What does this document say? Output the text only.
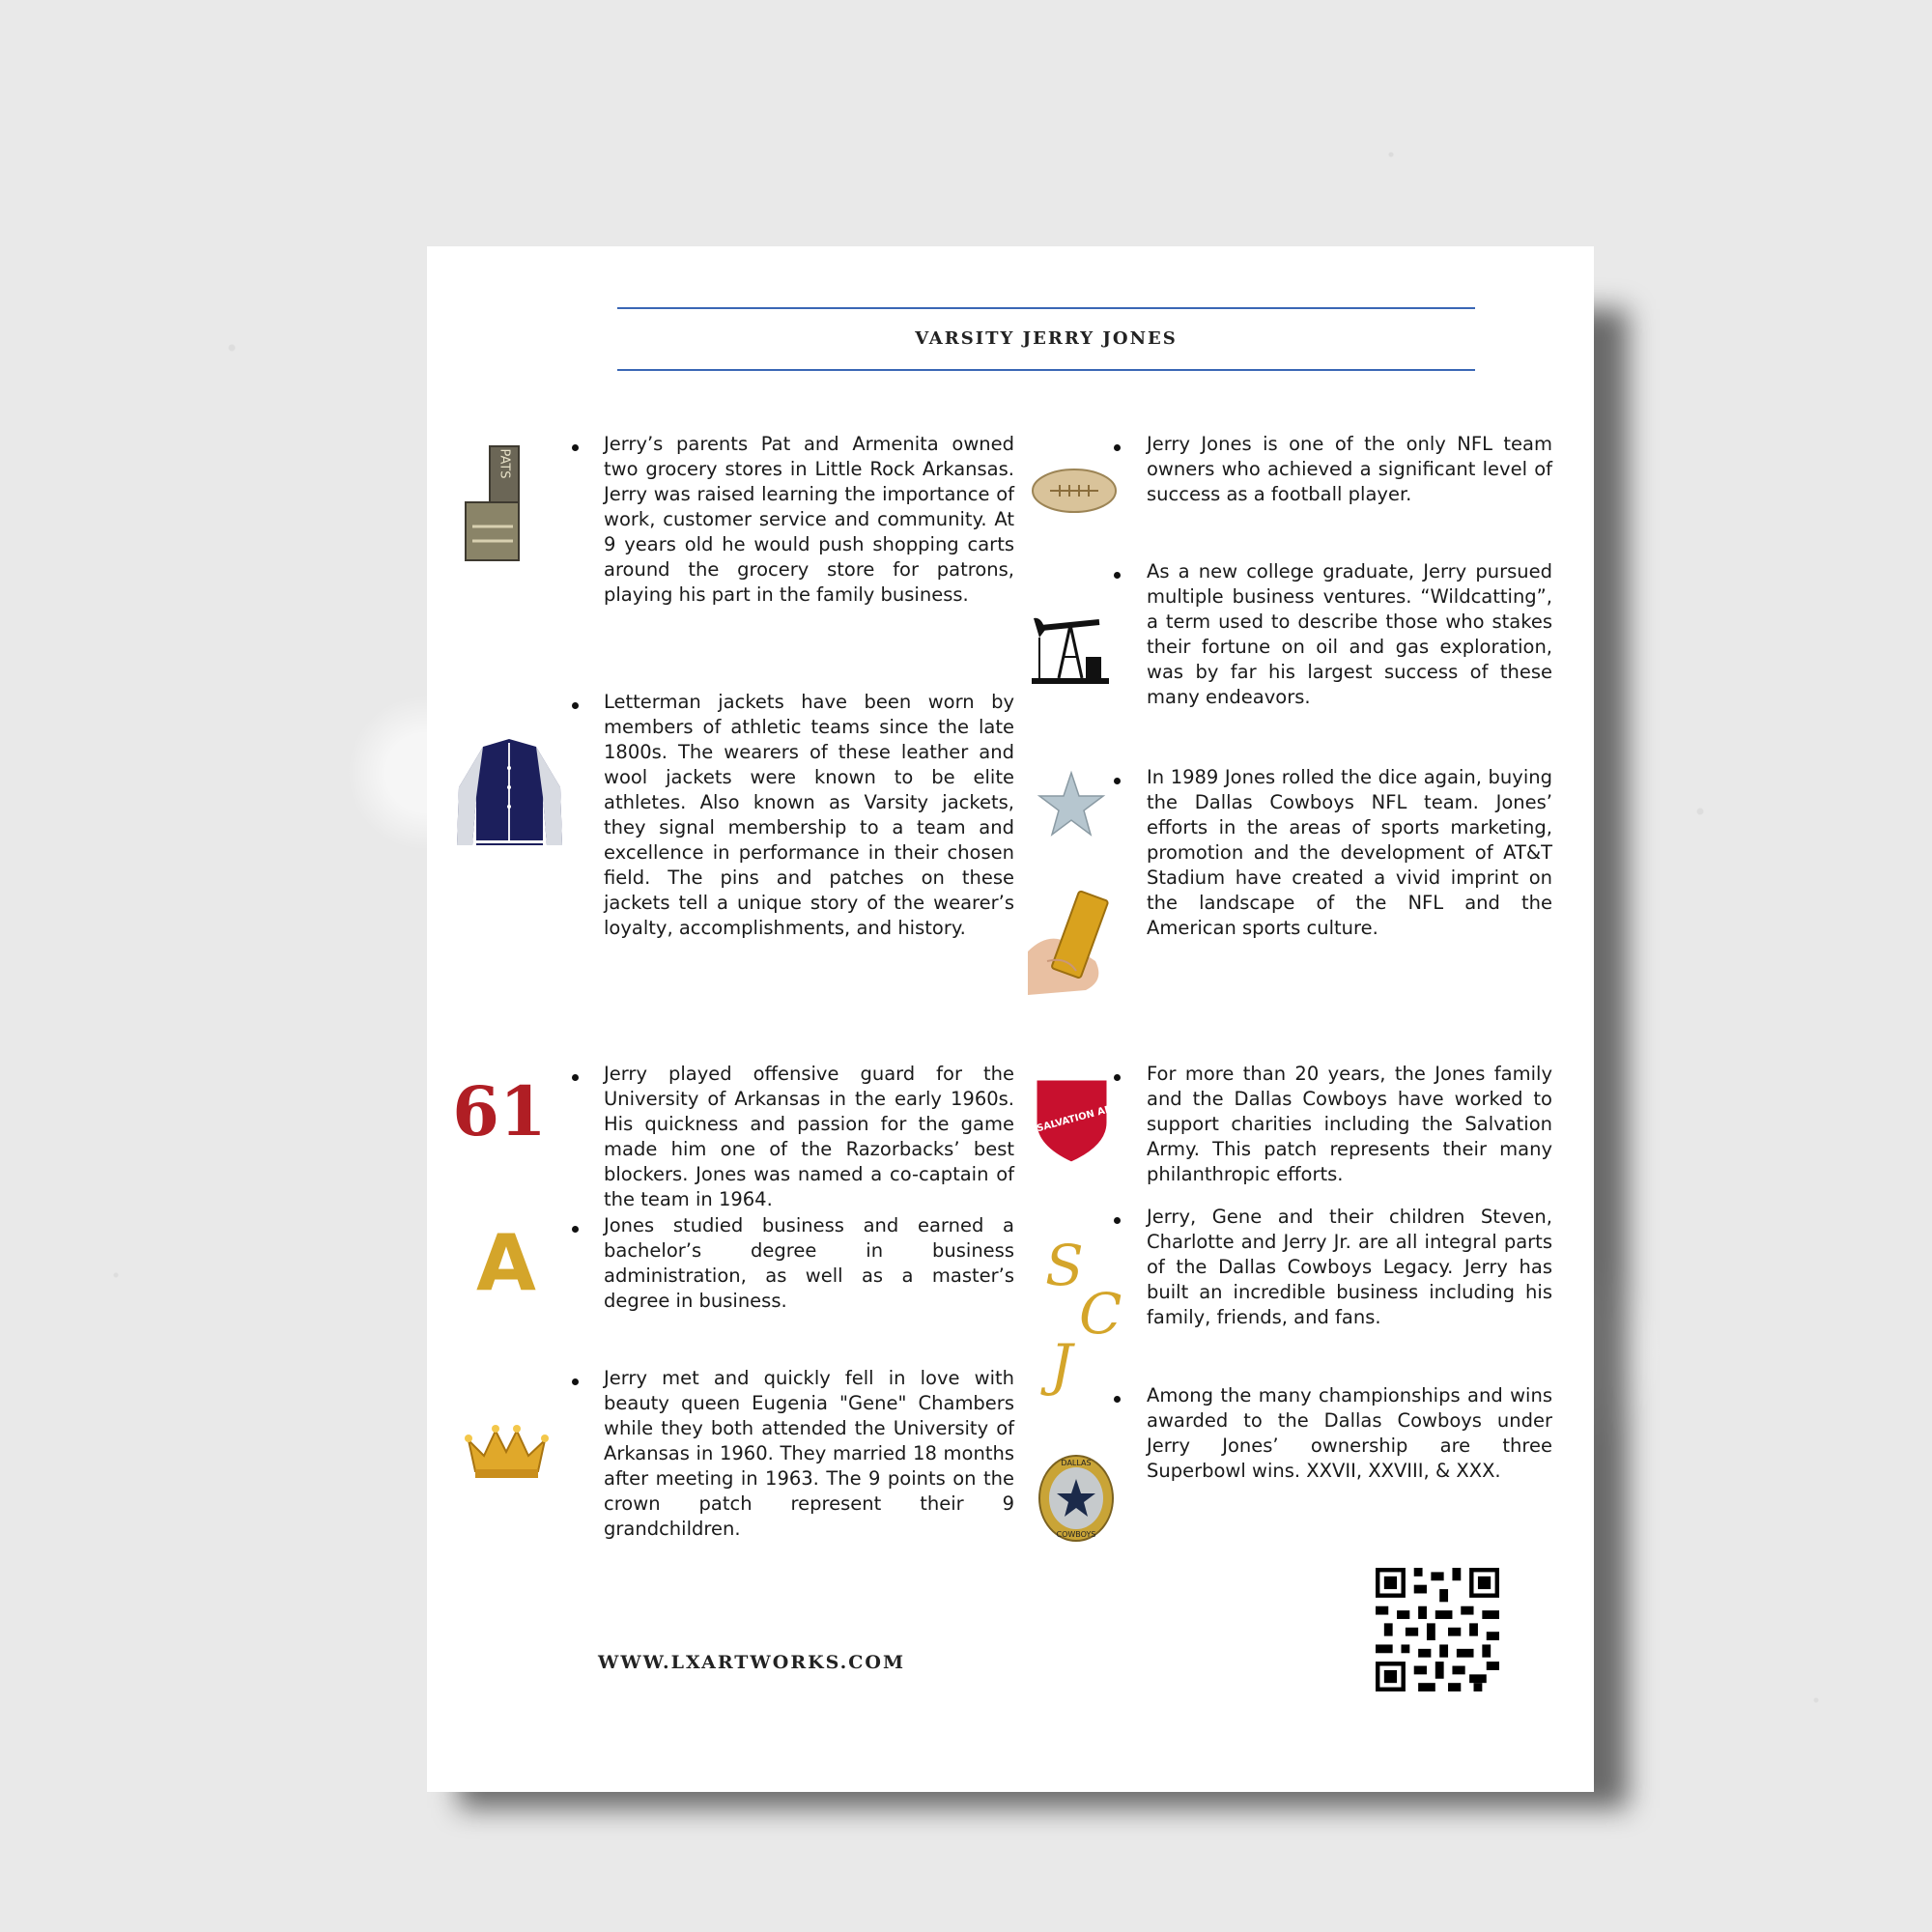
VARSITY JERRY JONES
PATS
Jerry’s parents Pat and Armenita owned two grocery stores in Little Rock Arkansas. Jerry was raised learning the importance of work, customer service and community. At 9 years old he would push shopping carts around the grocery store for patrons, playing his part in the family business.
Letterman jackets have been worn by members of athletic teams since the late 1800s. The wearers of these leather and wool jackets were known to be elite athletes. Also known as Varsity jackets, they signal membership to a team and excellence in performance in their chosen field. The pins and patches on these jackets tell a unique story of the wearer’s loyalty, accomplishments, and history.
61	Jerry played offensive guard for the University of Arkansas in the early 1960s. His quickness and passion for the game made him one of the Razorbacks’ best blockers. Jones was named a co-captain of the team in 1964.
A	Jones studied business and earned a bachelor’s degree in business administration, as well as a master’s degree in business.
Jerry met and quickly fell in love with beauty queen Eugenia "Gene" Chambers while they both attended the University of Arkansas in 1960. They married 18 months after meeting in 1963. The 9 points on the crown patch represent their 9 grandchildren.
Jerry Jones is one of the only NFL team owners who achieved a significant level of success as a football player.
As a new college graduate, Jerry pursued multiple business ventures. “Wildcatting”, a term used to describe those who stakes their fortune on oil and gas exploration, was by far his largest success of these many endeavors.
In 1989 Jones rolled the dice again, buying the Dallas Cowboys NFL team. Jones’ efforts in the areas of sports marketing, promotion and the development of AT&T Stadium have created a vivid imprint on the landscape of the NFL and the American sports culture.
THE SALVATION ARMY
For more than 20 years, the Jones family and the Dallas Cowboys have worked to support charities including the Salvation Army. This patch represents their many philanthropic efforts.
S
C
J
Jerry, Gene and their children Steven, Charlotte and Jerry Jr. are all integral parts of the Dallas Cowboys Legacy. Jerry has built an incredible business including his family, friends, and fans.
DALLAS
COWBOYS
Among the many championships and wins awarded to the Dallas Cowboys under Jerry Jones’ ownership are three Superbowl wins. XXVII, XXVIII, & XXX.
WWW.LXARTWORKS.COM
